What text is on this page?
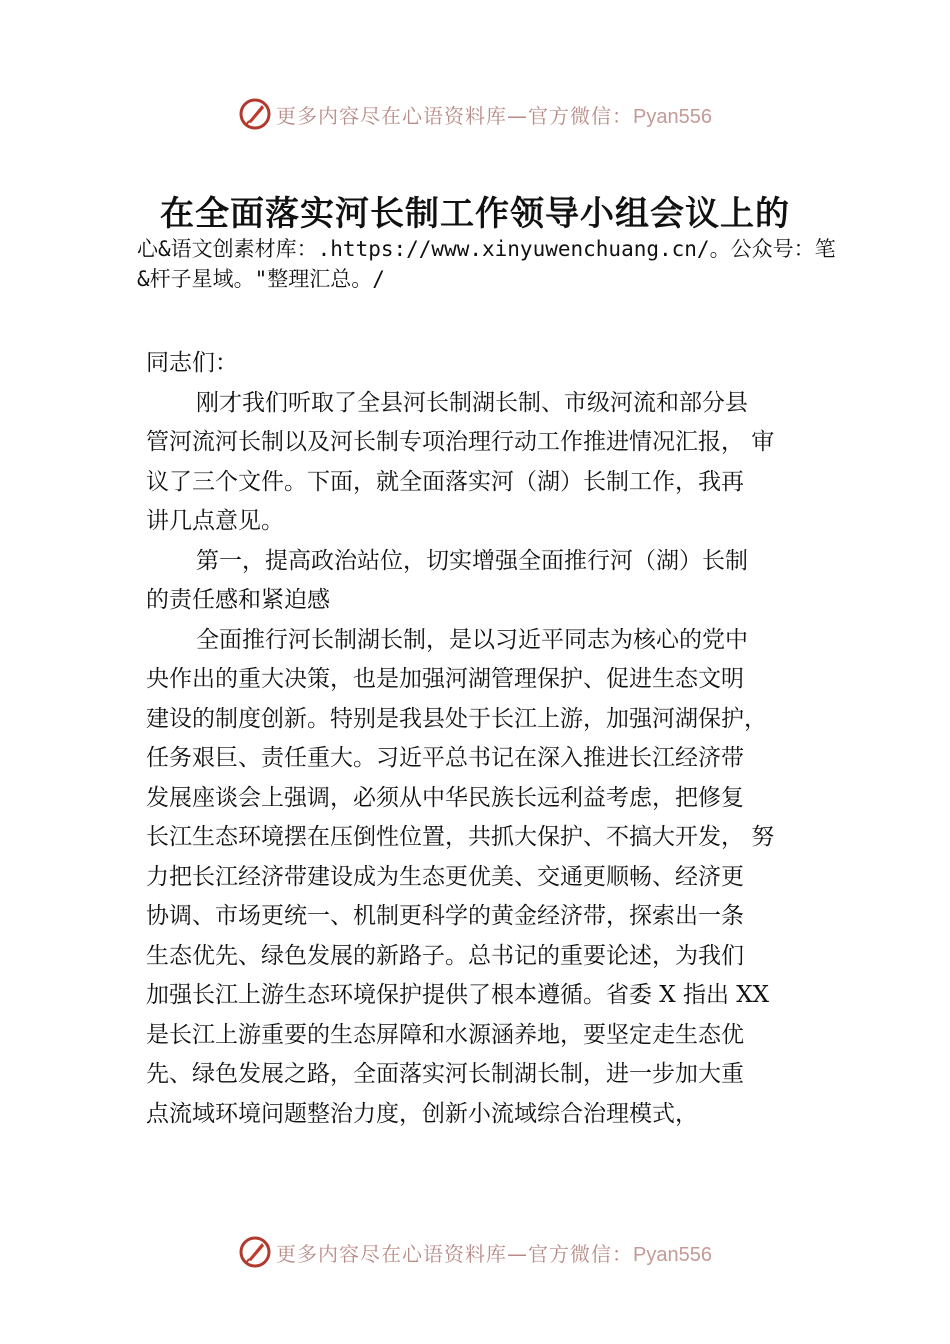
更多内容尽在心语资料库—官方微信：Pyan556
在全面落实河长制工作领导小组会议上的
心&语文创素材库：.https://www.xinyuwenchuang.cn/。公众号：笔&杆子星域。"整理汇总。/
同志们：
刚才我们听取了全县河长制湖长制、市级河流和部分县
管河流河长制以及河长制专项治理行动工作推进情况汇报， 审
议了三个文件。下面，就全面落实河（湖）长制工作，我再
讲几点意见。
第一，提高政治站位，切实增强全面推行河（湖）长制
的责任感和紧迫感
全面推行河长制湖长制，是以习近平同志为核心的党中
央作出的重大决策，也是加强河湖管理保护、促进生态文明
建设的制度创新。特别是我县处于长江上游，加强河湖保护，
任务艰巨、责任重大。习近平总书记在深入推进长江经济带
发展座谈会上强调，必须从中华民族长远利益考虑，把修复
长江生态环境摆在压倒性位置，共抓大保护、不搞大开发， 努
力把长江经济带建设成为生态更优美、交通更顺畅、经济更
协调、市场更统一、机制更科学的黄金经济带，探索出一条
生态优先、绿色发展的新路子。总书记的重要论述，为我们
加强长江上游生态环境保护提供了根本遵循。省委 X 指出 XX
是长江上游重要的生态屏障和水源涵养地，要坚定走生态优
先、绿色发展之路，全面落实河长制湖长制，进一步加大重
点流域环境问题整治力度，创新小流域综合治理模式，
更多内容尽在心语资料库—官方微信：Pyan556
